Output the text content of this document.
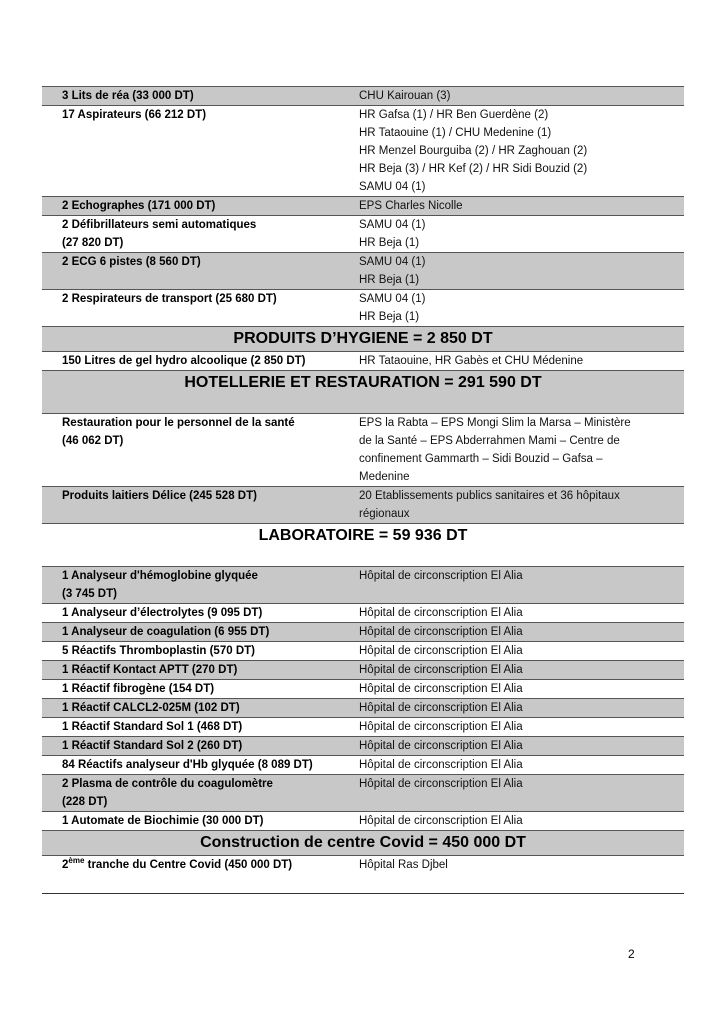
3 Lits de réa (33 000 DT)	CHU Kairouan (3)
17 Aspirateurs (66 212 DT)	HR Gafsa (1) / HR Ben Guerdène (2)
HR Tataouine (1) / CHU Medenine (1)
HR Menzel Bourguiba (2) / HR Zaghouan (2)
HR Beja (3) / HR Kef (2) / HR Sidi Bouzid (2)
SAMU 04 (1)
2 Echographes (171 000 DT)	EPS Charles Nicolle
2 Défibrillateurs semi automatiques
(27 820 DT)	SAMU 04 (1)
HR Beja (1)
2 ECG 6 pistes (8 560 DT)	SAMU 04 (1)
HR Beja (1)
2 Respirateurs de transport (25 680 DT)	SAMU 04 (1)
HR Beja (1)
PRODUITS D’HYGIENE = 2 850 DT	
150 Litres de gel hydro alcoolique (2 850 DT)	HR Tataouine, HR Gabès et CHU Médenine
HOTELLERIE ET RESTAURATION = 291 590 DT	
Restauration pour le personnel de la santé
(46 062 DT)	EPS la Rabta – EPS Mongi Slim la Marsa – Ministère
de la Santé – EPS Abderrahmen Mami – Centre de
confinement Gammarth – Sidi Bouzid – Gafsa –
Medenine
Produits laitiers Délice (245 528 DT)	20 Etablissements publics sanitaires et 36 hôpitaux
régionaux
LABORATOIRE = 59 936 DT	
1 Analyseur d'hémoglobine glyquée
(3 745 DT)	Hôpital de circonscription El Alia
1 Analyseur d’électrolytes (9 095 DT)	Hôpital de circonscription El Alia
1 Analyseur de coagulation (6 955 DT)	Hôpital de circonscription El Alia
5 Réactifs Thromboplastin (570 DT)	Hôpital de circonscription El Alia
1 Réactif Kontact APTT (270 DT)	Hôpital de circonscription El Alia
1 Réactif fibrogène (154 DT)	Hôpital de circonscription El Alia
1 Réactif CALCL2-025M (102 DT)	Hôpital de circonscription El Alia
1 Réactif Standard Sol 1 (468 DT)	Hôpital de circonscription El Alia
1 Réactif Standard Sol 2 (260 DT)	Hôpital de circonscription El Alia
84 Réactifs analyseur d'Hb glyquée (8 089 DT)	Hôpital de circonscription El Alia
2 Plasma de contrôle du coagulomètre
(228 DT)	Hôpital de circonscription El Alia
1 Automate de Biochimie (30 000 DT)	Hôpital de circonscription El Alia
Construction de centre Covid = 450 000 DT	
2ème tranche du Centre Covid (450 000 DT)	Hôpital Ras Djbel
2
